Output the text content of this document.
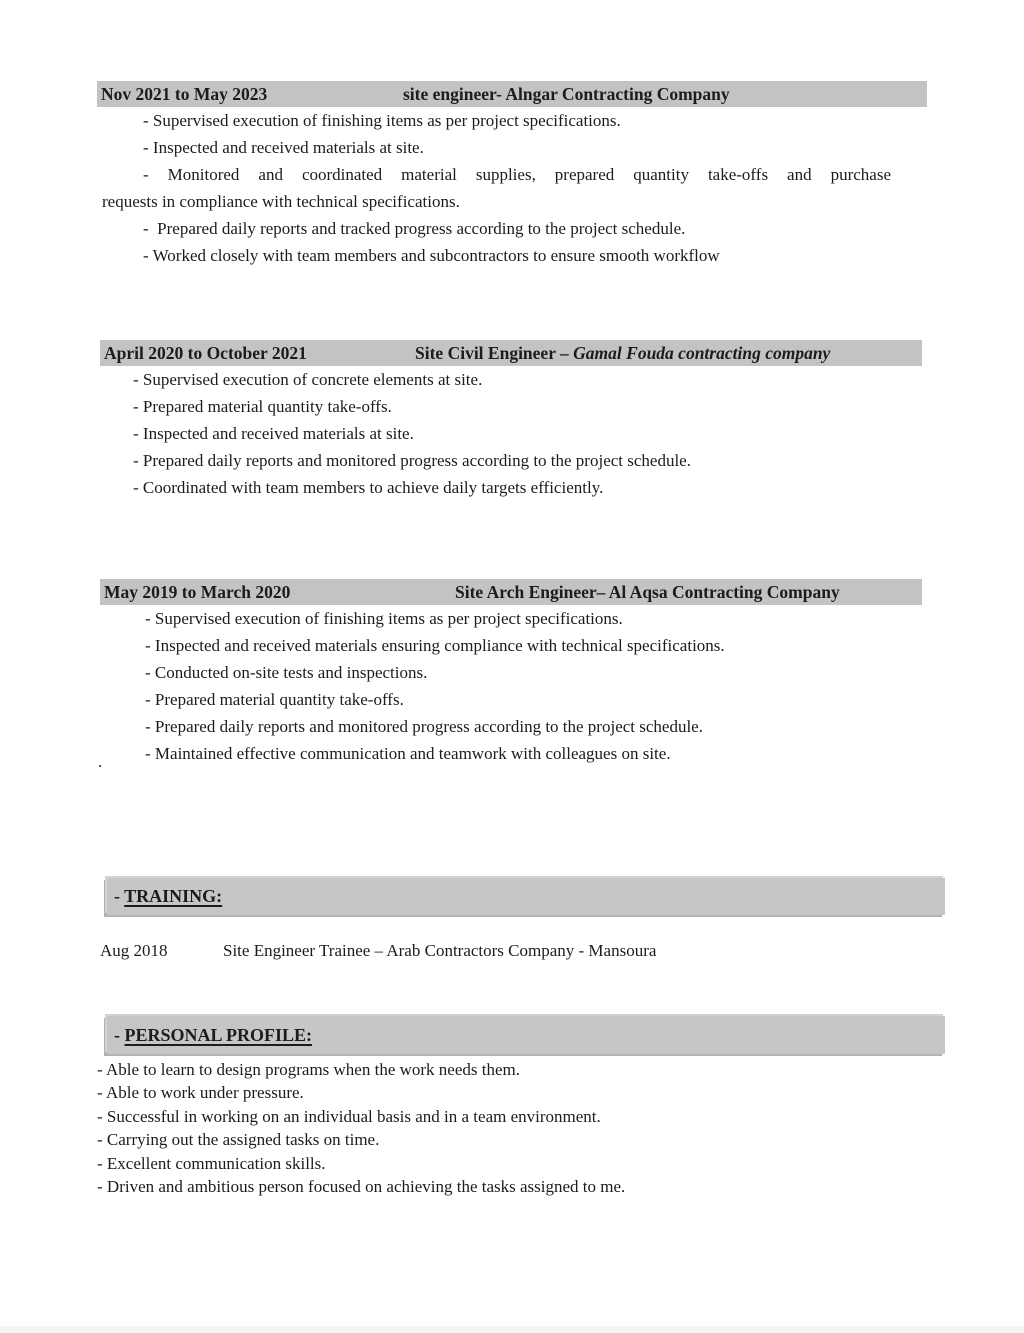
Nov 2021 to May 2023	site engineer- Alngar Contracting Company

- Supervised execution of finishing items as per project specifications.

- Inspected and received materials at site.

- Monitored and coordinated material supplies, prepared quantity take-offs and purchase

requests in compliance with technical specifications.

-  Prepared daily reports and tracked progress according to the project schedule.

- Worked closely with team members and subcontractors to ensure smooth workflow

April 2020 to October 2021	Site Civil Engineer – Gamal Fouda contracting company

- Supervised execution of concrete elements at site.

- Prepared material quantity take-offs.

- Inspected and received materials at site.

- Prepared daily reports and monitored progress according to the project schedule.

- Coordinated with team members to achieve daily targets efficiently.

May 2019 to March 2020	Site Arch Engineer– Al Aqsa Contracting Company

- Supervised execution of finishing items as per project specifications.

- Inspected and received materials ensuring compliance with technical specifications.

- Conducted on-site tests and inspections.

- Prepared material quantity take-offs.

- Prepared daily reports and monitored progress according to the project schedule.

- Maintained effective communication and teamwork with colleagues on site.

.
- TRAINING:
Aug 2018	Site Engineer Trainee – Arab Contractors Company - Mansoura
- PERSONAL PROFILE:

- Able to learn to design programs when the work needs them.

- Able to work under pressure.

- Successful in working on an individual basis and in a team environment.

- Carrying out the assigned tasks on time.

- Excellent communication skills.

- Driven and ambitious person focused on achieving the tasks assigned to me.
